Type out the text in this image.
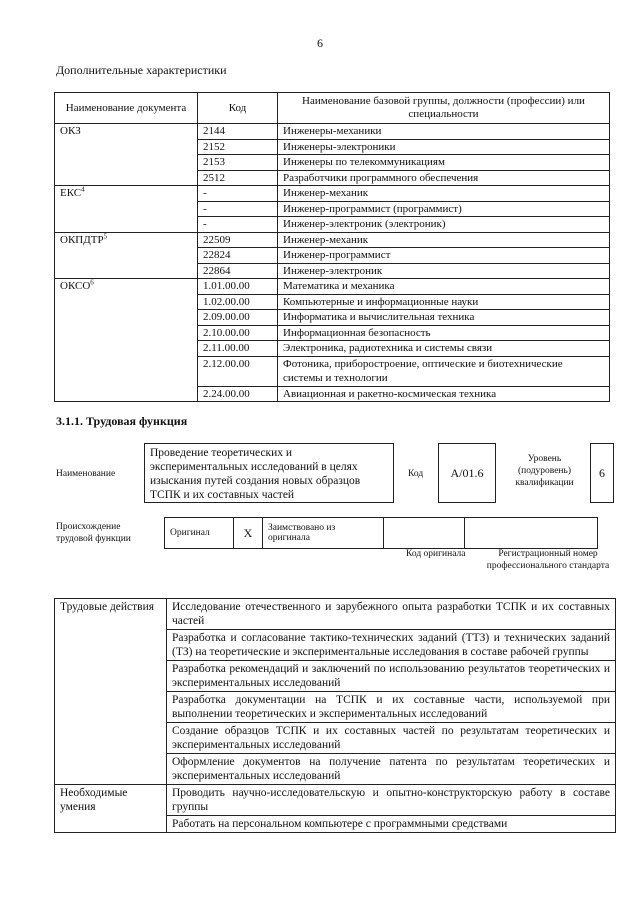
6
Дополнительные характеристики
Наименование документа	Код	Наименование базовой группы, должности (профессии) или специальности
ОКЗ	2144	Инженеры-механики
	2152	Инженеры-электроники
	2153	Инженеры по телекоммуникациям
	2512	Разработчики программного обеспечения
ЕКС$^4$	-	Инженер-механик
	-	Инженер-программист (программист)
	-	Инженер-электроник (электроник)
ОКПДТР$^5$	22509	Инженер-механик
	22824	Инженер-программист
	22864	Инженер-электроник
ОКСО$^6$	1.01.00.00	Математика и механика
	1.02.00.00	Компьютерные и информационные науки
	2.09.00.00	Информатика и вычислительная техника
	2.10.00.00	Информационная безопасность
	2.11.00.00	Электроника, радиотехника и системы связи
	2.12.00.00	Фотоника, приборостроение, оптические и биотехнические системы и технологии
	2.24.00.00	Авиационная и ракетно-космическая техника
3.1.1. Трудовая функция
Наименование
Проведение теоретических и экспериментальных исследований в целях изыскания путей создания новых образцов ТСПК и их составных частей
Код	A/01.6
Уровень (подуровень) квалификации
6
Происхождение трудовой функции
Оригинал	X	Заимствовано из оригинала		
Код оригинала	Регистрационный номер профессионального стандарта
Трудовые действия	Исследование отечественного и зарубежного опыта разработки ТСПК и их составных частей
	Разработка и согласование тактико-технических заданий (ТТЗ) и технических заданий (ТЗ) на теоретические и экспериментальные исследования в составе рабочей группы
	Разработка рекомендаций и заключений по использованию результатов теоретических и экспериментальных исследований
	Разработка документации на ТСПК и их составные части, используемой при выполнении теоретических и экспериментальных исследований
	Создание образцов ТСПК и их составных частей по результатам теоретических и экспериментальных исследований
	Оформление документов на получение патента по результатам теоретических и экспериментальных исследований
Необходимые умения	Проводить научно-исследовательскую и опытно-конструкторскую работу в составе группы
	Работать на персональном компьютере с программными средствами
